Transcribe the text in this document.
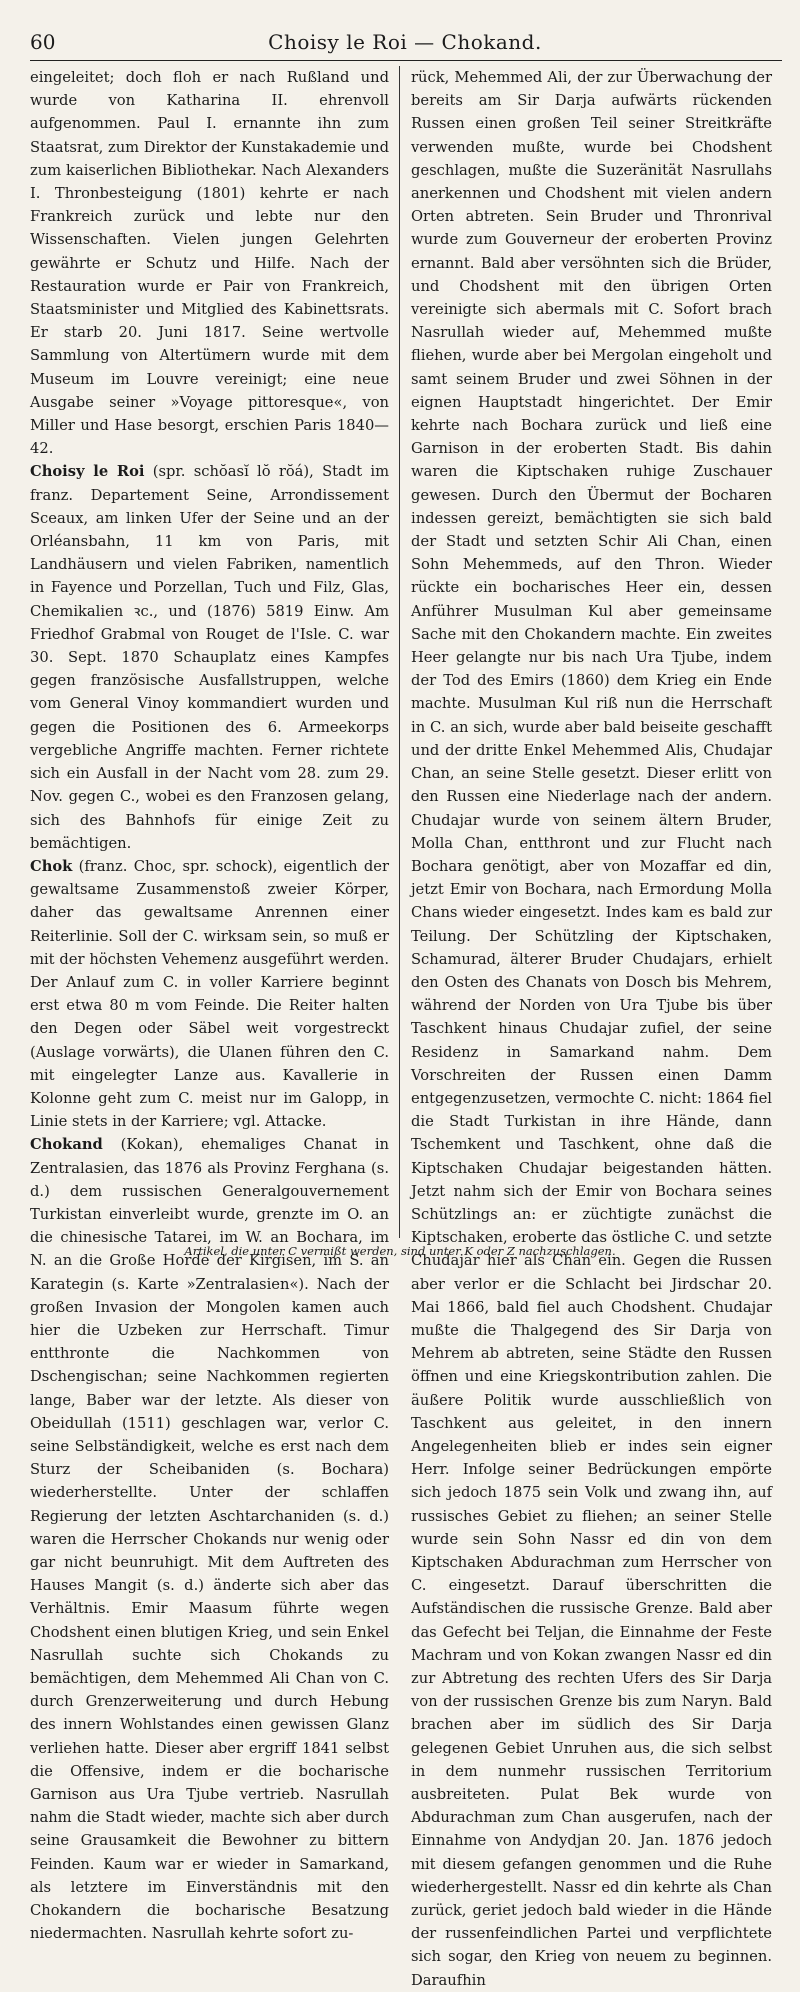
60	Choisy le Roi — Chokand.

eingeleitet; doch floh er nach Rußland und wurde von Katharina II. ehrenvoll aufgenommen. Paul I. ernannte ihn zum Staatsrat, zum Direktor der Kunstakademie und zum kaiserlichen Bibliothekar. Nach Alexanders I. Thronbesteigung (1801) kehrte er nach Frankreich zurück und lebte nur den Wissenschaften. Vielen jungen Gelehrten gewährte er Schutz und Hilfe. Nach der Restauration wurde er Pair von Frankreich, Staatsminister und Mitglied des Kabinettsrats. Er starb 20. Juni 1817. Seine wertvolle Sammlung von Altertümern wurde mit dem Museum im Louvre vereinigt; eine neue Ausgabe seiner »Voyage pittoresque«, von Miller und Hase besorgt, erschien Paris 1840—42.

Choisy le Roi (spr. schŏasĭ lŏ rŏá), Stadt im franz. Departement Seine, Arrondissement Sceaux, am linken Ufer der Seine und an der Orléansbahn, 11 km von Paris, mit Landhäusern und vielen Fabriken, namentlich in Fayence und Porzellan, Tuch und Filz, Glas, Chemikalien ꝛc., und (1876) 5819 Einw. Am Friedhof Grabmal von Rouget de l'Isle. C. war 30. Sept. 1870 Schauplatz eines Kampfes gegen französische Ausfallstruppen, welche vom General Vinoy kommandiert wurden und gegen die Positionen des 6. Armeekorps vergebliche Angriffe machten. Ferner richtete sich ein Ausfall in der Nacht vom 28. zum 29. Nov. gegen C., wobei es den Franzosen gelang, sich des Bahnhofs für einige Zeit zu bemächtigen.

Chok (franz. Choc, spr. schock), eigentlich der gewaltsame Zusammenstoß zweier Körper, daher das gewaltsame Anrennen einer Reiterlinie. Soll der C. wirksam sein, so muß er mit der höchsten Vehemenz ausgeführt werden. Der Anlauf zum C. in voller Karriere beginnt erst etwa 80 m vom Feinde. Die Reiter halten den Degen oder Säbel weit vorgestreckt (Auslage vorwärts), die Ulanen führen den C. mit eingelegter Lanze aus. Kavallerie in Kolonne geht zum C. meist nur im Galopp, in Linie stets in der Karriere; vgl. Attacke.

Chokand (Kokan), ehemaliges Chanat in Zentralasien, das 1876 als Provinz Ferghana (s. d.) dem russischen Generalgouvernement Turkistan einverleibt wurde, grenzte im O. an die chinesische Tatarei, im W. an Bochara, im N. an die Große Horde der Kirgisen, im S. an Karategin (s. Karte »Zentralasien«). Nach der großen Invasion der Mongolen kamen auch hier die Uzbeken zur Herrschaft. Timur entthronte die Nachkommen von Dschengischan; seine Nachkommen regierten lange, Baber war der letzte. Als dieser von Obeidullah (1511) geschlagen war, verlor C. seine Selbständigkeit, welche es erst nach dem Sturz der Scheibaniden (s. Bochara) wiederherstellte. Unter der schlaffen Regierung der letzten Aschtarchaniden (s. d.) waren die Herrscher Chokands nur wenig oder gar nicht beunruhigt. Mit dem Auftreten des Hauses Mangit (s. d.) änderte sich aber das Verhältnis. Emir Maasum führte wegen Chodshent einen blutigen Krieg, und sein Enkel Nasrullah suchte sich Chokands zu bemächtigen, dem Mehemmed Ali Chan von C. durch Grenzerweiterung und durch Hebung des innern Wohlstandes einen gewissen Glanz verliehen hatte. Dieser aber ergriff 1841 selbst die Offensive, indem er die bocharische Garnison aus Ura Tjube vertrieb. Nasrullah nahm die Stadt wieder, machte sich aber durch seine Grausamkeit die Bewohner zu bittern Feinden. Kaum war er wieder in Samarkand, als letztere im Einverständnis mit den Chokandern die bocharische Besatzung niedermachten. Nasrullah kehrte sofort zu-

rück, Mehemmed Ali, der zur Überwachung der bereits am Sir Darja aufwärts rückenden Russen einen großen Teil seiner Streitkräfte verwenden mußte, wurde bei Chodshent geschlagen, mußte die Suzeränität Nasrullahs anerkennen und Chodshent mit vielen andern Orten abtreten. Sein Bruder und Thronrival wurde zum Gouverneur der eroberten Provinz ernannt. Bald aber versöhnten sich die Brüder, und Chodshent mit den übrigen Orten vereinigte sich abermals mit C. Sofort brach Nasrullah wieder auf, Mehemmed mußte fliehen, wurde aber bei Mergolan eingeholt und samt seinem Bruder und zwei Söhnen in der eignen Hauptstadt hingerichtet. Der Emir kehrte nach Bochara zurück und ließ eine Garnison in der eroberten Stadt. Bis dahin waren die Kiptschaken ruhige Zuschauer gewesen. Durch den Übermut der Bocharen indessen gereizt, bemächtigten sie sich bald der Stadt und setzten Schir Ali Chan, einen Sohn Mehemmeds, auf den Thron. Wieder rückte ein bocharisches Heer ein, dessen Anführer Musulman Kul aber gemeinsame Sache mit den Chokandern machte. Ein zweites Heer gelangte nur bis nach Ura Tjube, indem der Tod des Emirs (1860) dem Krieg ein Ende machte. Musulman Kul riß nun die Herrschaft in C. an sich, wurde aber bald beiseite geschafft und der dritte Enkel Mehemmed Alis, Chudajar Chan, an seine Stelle gesetzt. Dieser erlitt von den Russen eine Niederlage nach der andern. Chudajar wurde von seinem ältern Bruder, Molla Chan, entthront und zur Flucht nach Bochara genötigt, aber von Mozaffar ed din, jetzt Emir von Bochara, nach Ermordung Molla Chans wieder eingesetzt. Indes kam es bald zur Teilung. Der Schützling der Kiptschaken, Schamurad, älterer Bruder Chudajars, erhielt den Osten des Chanats von Dosch bis Mehrem, während der Norden von Ura Tjube bis über Taschkent hinaus Chudajar zufiel, der seine Residenz in Samarkand nahm. Dem Vorschreiten der Russen einen Damm entgegenzusetzen, vermochte C. nicht: 1864 fiel die Stadt Turkistan in ihre Hände, dann Tschemkent und Taschkent, ohne daß die Kiptschaken Chudajar beigestanden hätten. Jetzt nahm sich der Emir von Bochara seines Schützlings an: er züchtigte zunächst die Kiptschaken, eroberte das östliche C. und setzte Chudajar hier als Chan ein. Gegen die Russen aber verlor er die Schlacht bei Jirdschar 20. Mai 1866, bald fiel auch Chodshent. Chudajar mußte die Thalgegend des Sir Darja von Mehrem ab abtreten, seine Städte den Russen öffnen und eine Kriegskontribution zahlen. Die äußere Politik wurde ausschließlich von Taschkent aus geleitet, in den innern Angelegenheiten blieb er indes sein eigner Herr. Infolge seiner Bedrückungen empörte sich jedoch 1875 sein Volk und zwang ihn, auf russisches Gebiet zu fliehen; an seiner Stelle wurde sein Sohn Nassr ed din von dem Kiptschaken Abdurachman zum Herrscher von C. eingesetzt. Darauf überschritten die Aufständischen die russische Grenze. Bald aber das Gefecht bei Teljan, die Einnahme der Feste Machram und von Kokan zwangen Nassr ed din zur Abtretung des rechten Ufers des Sir Darja von der russischen Grenze bis zum Naryn. Bald brachen aber im südlich des Sir Darja gelegenen Gebiet Unruhen aus, die sich selbst in dem nunmehr russischen Territorium ausbreiteten. Pulat Bek wurde von Abdurachman zum Chan ausgerufen, nach der Einnahme von Andydjan 20. Jan. 1876 jedoch mit diesem gefangen genommen und die Ruhe wiederhergestellt. Nassr ed din kehrte als Chan zurück, geriet jedoch bald wieder in die Hände der russenfeindlichen Partei und verpflichtete sich sogar, den Krieg von neuem zu beginnen. Daraufhin

Artikel, die unter C vermißt werden, sind unter K oder Z nachzuschlagen.
